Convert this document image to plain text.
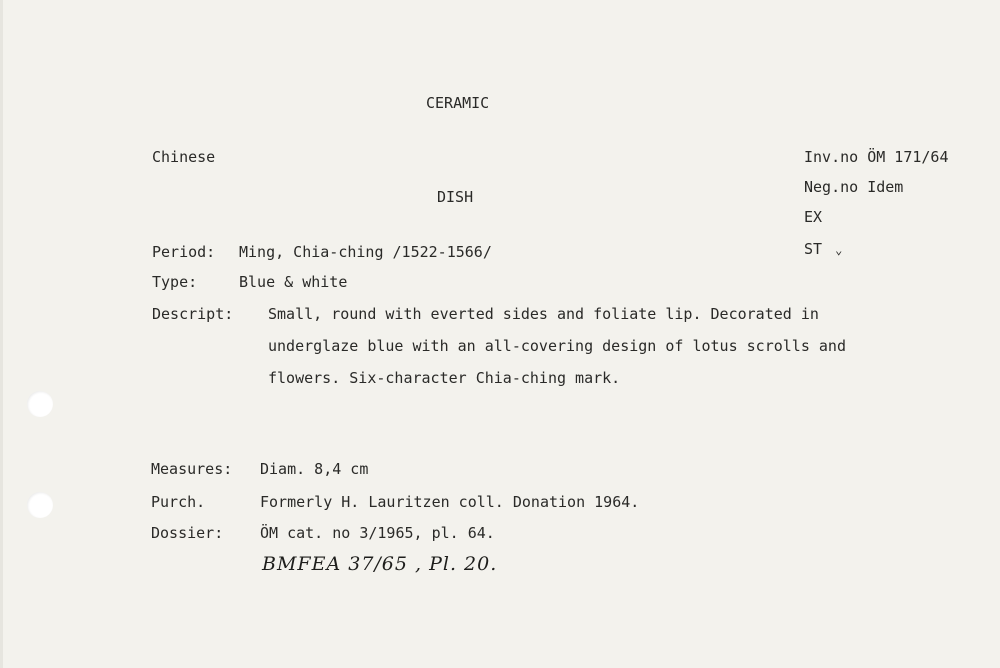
CERAMIC
Chinese
DISH
Inv.no ÖM 171/64
Neg.no Idem
EX
ST ⌄
Period: Ming, Chia-ching /1522-1566/
Type:	Blue & white
Descript: Small, round with everted sides and foliate lip. Decorated in
underglaze blue with an all-covering design of lotus scrolls and
flowers. Six-character Chia-ching mark.
Measures: Diam. 8,4 cm
Purch.	Formerly H. Lauritzen coll. Donation 1964.
Dossier: ÖM cat. no 3/1965, pl. 64.
BMFEA 37/65 , Pl. 20.
